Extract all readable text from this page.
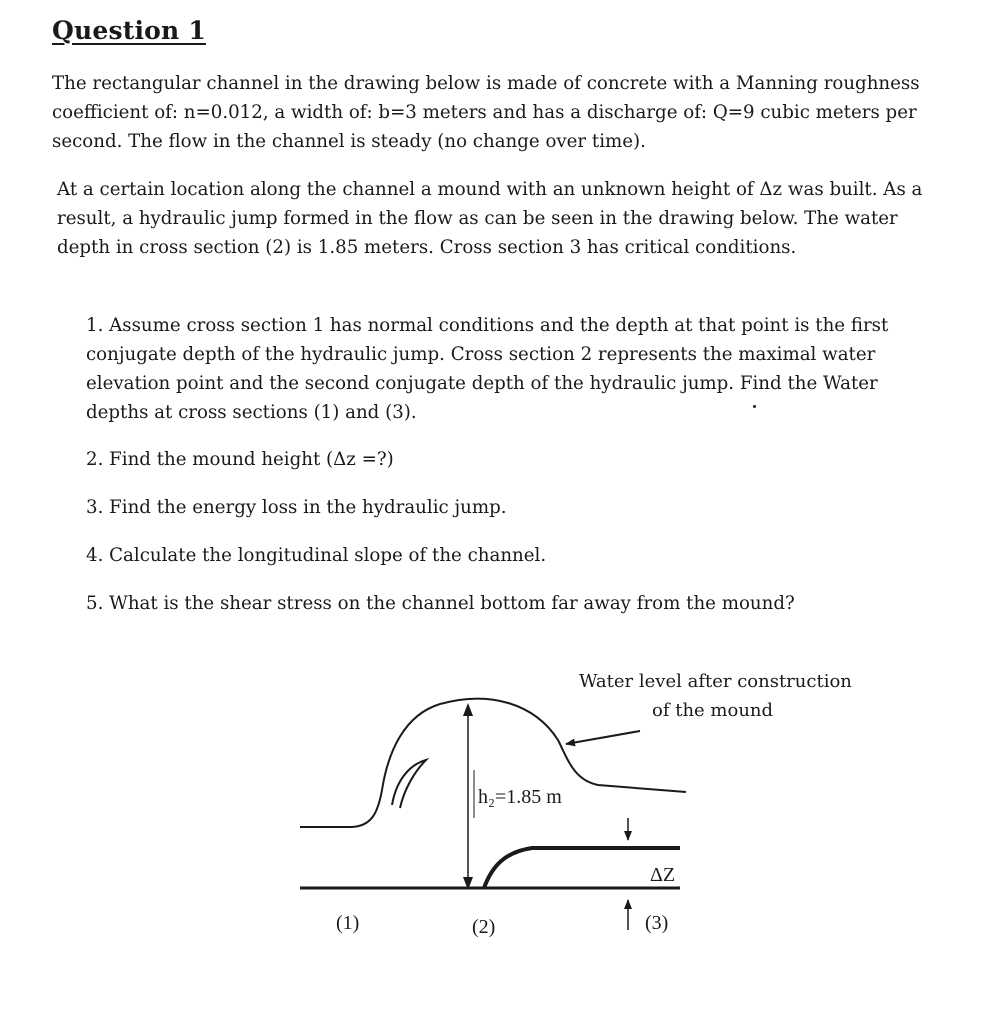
Question 1

The rectangular channel in the drawing below is made of concrete with a Manning roughness coefficient of: n=0.012, a width of: b=3 meters and has a discharge of: Q=9 cubic meters per second. The flow in the channel is steady (no change over time).

At a certain location along the channel a mound with an unknown height of Δz was built. As a result, a hydraulic jump formed in the flow as can be seen in the drawing below. The water depth in cross section (2) is 1.85 meters. Cross section 3 has critical conditions.

1. Assume cross section 1 has normal conditions and the depth at that point is the first conjugate depth of the hydraulic jump. Cross section 2 represents the maximal water elevation point and the second conjugate depth of the hydraulic jump. Find the Water depths at cross sections (1) and (3).
2. Find the mound height (Δz =?)
3. Find the energy loss in the hydraulic jump.
4. Calculate the longitudinal slope of the channel.
5. What is the shear stress on the channel bottom far away from the mound?
h₂=1.85 m
Water level after construction
of the mound
ΔZ
(1)	(2)	(3)
